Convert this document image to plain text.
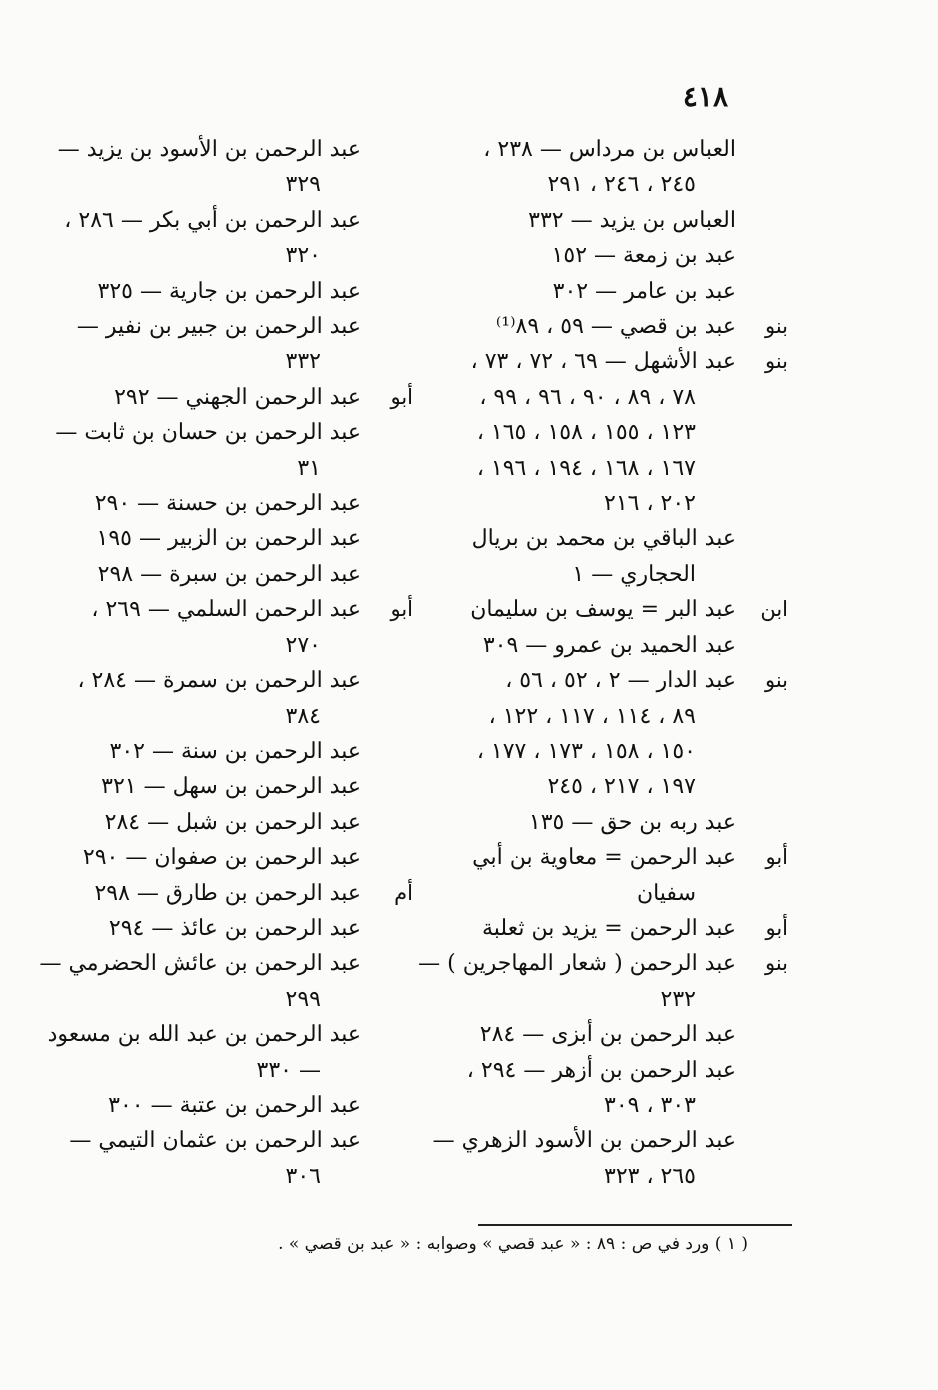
٤١٨
العباس بن مرداس — ٢٣٨ ،
٢٤٥ ، ٢٤٦ ، ٢٩١
العباس بن يزيد — ٣٣٢
عبد بن زمعة — ١٥٢
عبد بن عامر — ٣٠٢
بنو
عبد بن قصي — ٥٩ ، ٨٩⁽¹⁾
بنو
عبد الأشهل — ٦٩ ، ٧٢ ، ٧٣ ،
٧٨ ، ٨٩ ، ٩٠ ، ٩٦ ، ٩٩ ،
١٢٣ ، ١٥٥ ، ١٥٨ ، ١٦٥ ،
١٦٧ ، ١٦٨ ، ١٩٤ ، ١٩٦ ،
٢٠٢ ، ٢١٦
عبد الباقي بن محمد بن بريال
الحجاري — ١
ابن
عبد البر = يوسف بن سليمان
عبد الحميد بن عمرو — ٣٠٩
بنو
عبد الدار — ٢ ، ٥٢ ، ٥٦ ،
٨٩ ، ١١٤ ، ١١٧ ، ١٢٢ ،
١٥٠ ، ١٥٨ ، ١٧٣ ، ١٧٧ ،
١٩٧ ، ٢١٧ ، ٢٤٥
عبد ربه بن حق — ١٣٥
أبو
عبد الرحمن = معاوية بن أبي
سفيان
أبو
عبد الرحمن = يزيد بن ثعلبة
بنو
عبد الرحمن ( شعار المهاجرين ) —
٢٣٢
عبد الرحمن بن أبزى — ٢٨٤
عبد الرحمن بن أزهر — ٢٩٤ ،
٣٠٣ ، ٣٠٩
عبد الرحمن بن الأسود الزهري —
٢٦٥ ، ٣٢٣
عبد الرحمن بن الأسود بن يزيد —
٣٢٩
عبد الرحمن بن أبي بكر — ٢٨٦ ،
٣٢٠
عبد الرحمن بن جارية — ٣٢٥
عبد الرحمن بن جبير بن نفير —
٣٣٢
أبو
عبد الرحمن الجهني — ٢٩٢
عبد الرحمن بن حسان بن ثابت —
٣١
عبد الرحمن بن حسنة — ٢٩٠
عبد الرحمن بن الزبير — ١٩٥
عبد الرحمن بن سبرة — ٢٩٨
أبو
عبد الرحمن السلمي — ٢٦٩ ،
٢٧٠
عبد الرحمن بن سمرة — ٢٨٤ ،
٣٨٤
عبد الرحمن بن سنة — ٣٠٢
عبد الرحمن بن سهل — ٣٢١
عبد الرحمن بن شبل — ٢٨٤
عبد الرحمن بن صفوان — ٢٩٠
أم
عبد الرحمن بن طارق — ٢٩٨
عبد الرحمن بن عائذ — ٢٩٤
عبد الرحمن بن عائش الحضرمي —
٢٩٩
عبد الرحمن بن عبد الله بن مسعود
— ٣٣٠
عبد الرحمن بن عتبة — ٣٠٠
عبد الرحمن بن عثمان التيمي —
٣٠٦
( ١ ) ورد في ص : ٨٩ : « عبد قصي » وصوابه : « عبد بن قصي » .
